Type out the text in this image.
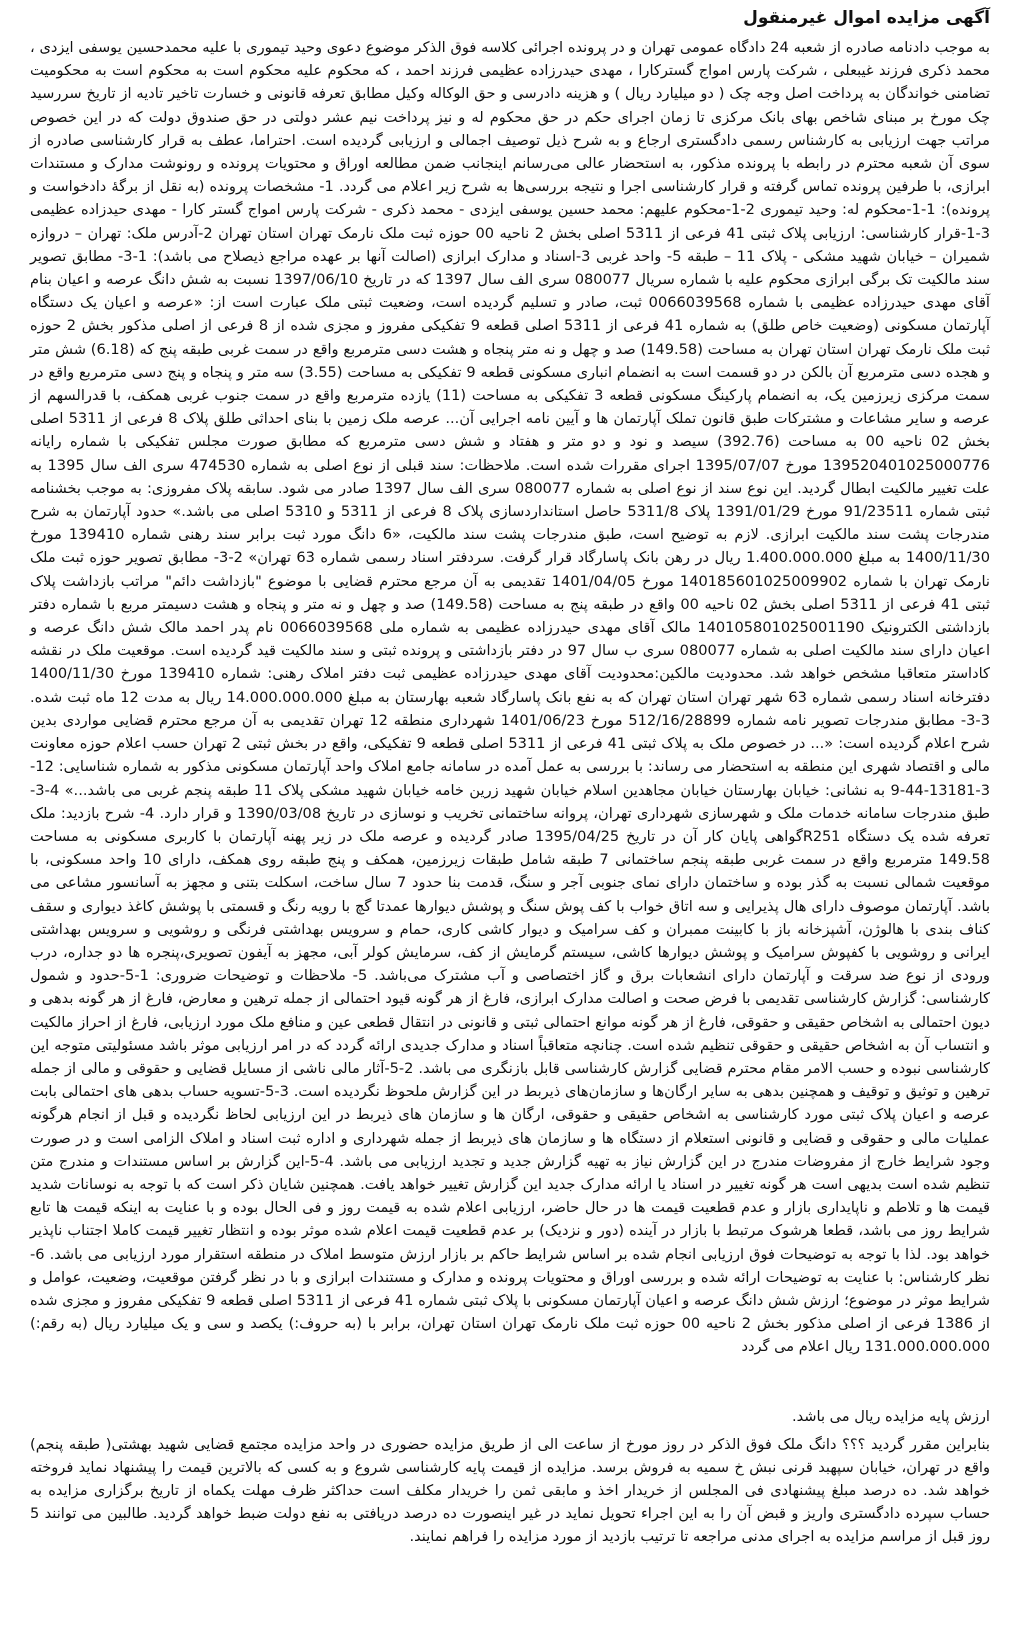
آگهی مزایده اموال غیرمنقول

به موجب دادنامه صادره از شعبه 24 دادگاه عمومی تهران و در پرونده اجرائی کلاسه فوق الذکر موضوع دعوی وحید تیموری با علیه محمدحسین یوسفی ایزدی ، محمد ذکری فرزند غیبعلی ، شرکت پارس امواج گسترکارا ، مهدی حیدرزاده عظیمی فرزند احمد ، که محکوم علیه محکوم است به محکوم است به محکومیت تضامنی خواندگان به پرداخت اصل وجه چک ( دو میلیارد ریال ) و هزینه دادرسی و حق الوکاله وکیل مطابق تعرفه قانونی و خسارت تاخیر تادیه از تاریخ سررسید چک مورخ بر مبنای شاخص بهای بانک مرکزی تا زمان اجرای حکم در حق محکوم له و نیز پرداخت نیم عشر دولتی در حق صندوق دولت که در این خصوص مراتب جهت ارزیابی به کارشناس رسمی دادگستری ارجاع و به شرح ذیل توصیف اجمالی و ارزیابی گردیده است. احتراما، عطف به قرار کارشناسی صادره از سوی آن شعبه محترم در رابطه با پرونده مذکور، به استحضار عالی می‌رسانم اینجانب ضمن مطالعه اوراق و محتویات پرونده و رونوشت مدارک و مستندات ابرازی، با طرفین پرونده تماس گرفته و قرار کارشناسی اجرا و نتیجه بررسی‌ها به شرح زیر اعلام می گردد. 1- مشخصات پرونده (به نقل از برگهٔ دادخواست و پرونده): 1-1-محکوم له: وحید تیموری 2-1-محکوم علیهم: محمد حسین یوسفی ایزدی - محمد ذکری - شرکت پارس امواج گستر کارا - مهدی حیدزاده عظیمی 3-1-قرار کارشناسی: ارزیابی پلاک ثبتی 41 فرعی از 5311 اصلی بخش 2 ناحیه 00 حوزه ثبت ملک نارمک تهران استان تهران 2-آدرس ملک: تهران – دروازه شمیران – خیابان شهید مشکی - پلاک 11 – طبقه 5- واحد غربی 3-اسناد و مدارک ابرازی (اصالت آنها بر عهده مراجع ذیصلاح می باشد): 1-3- مطابق تصویر سند مالکیت تک برگی ابرازی محکوم علیه با شماره سریال 080077 سری الف سال 1397 که در تاریخ 1397/06/10 نسبت به شش دانگ عرصه و اعیان بنام آقای مهدی حیدرزاده عظیمی با شماره 0066039568 ثبت، صادر و تسلیم گردیده است، وضعیت ثبتی ملک عبارت است از: «عرصه و اعیان یک دستگاه آپارتمان مسکونی (وضعیت خاص طلق) به شماره 41 فرعی از 5311 اصلی قطعه 9 تفکیکی مفروز و مجزی شده از 8 فرعی از اصلی مذکور بخش 2 حوزه ثبت ملک نارمک تهران استان تهران به مساحت (149.58) صد و چهل و نه متر پنجاه و هشت دسی مترمربع واقع در سمت غربی طبقه پنج که (6.18) شش متر و هجده دسی مترمربع آن بالکن در دو قسمت است به انضمام انباری مسکونی قطعه 9 تفکیکی به مساحت (3.55) سه متر و پنجاه و پنج دسی مترمربع واقع در سمت مرکزی زیرزمین یک، به انضمام پارکینگ مسکونی قطعه 3 تفکیکی به مساحت (11) یازده مترمربع واقع در سمت جنوب غربی همکف، با قدرالسهم از عرصه و سایر مشاعات و مشترکات طبق قانون تملک آپارتمان ها و آیین نامه اجرایی آن... عرصه ملک زمین با بنای احداثی طلق پلاک 8 فرعی از 5311 اصلی بخش 02 ناحیه 00 به مساحت (392.76) سیصد و نود و دو متر و هفتاد و شش دسی مترمربع که مطابق صورت مجلس تفکیکی با شماره رایانه 13952040102500077​6 مورخ 1395/07/07 اجرای مقررات شده است. ملاحظات: سند قبلی از نوع اصلی به شماره 474530 سری الف سال 1395 به علت تغییر مالکیت ابطال گردید. این نوع سند از نوع اصلی به شماره 080077 سری الف سال 1397 صادر می شود. سابقه پلاک مفروزی: به موجب بخشنامه ثبتی شماره 91/23511 مورخ 1391/01/29 پلاک 5311/8 حاصل استانداردسازی پلاک 8 فرعی از 5311 و 5310 اصلی می باشد.» حدود آپارتمان به شرح مندرجات پشت سند مالکیت ابرازی. لازم به توضیح است، طبق مندرجات پشت سند مالکیت، «6 دانگ مورد ثبت برابر سند رهنی شماره 139410 مورخ 1400/11/30 به مبلغ 1.400.000.000 ریال در رهن بانک پاسارگاد قرار گرفت. سردفتر اسناد رسمی شماره 63 تهران» 2-3- مطابق تصویر حوزه ثبت ملک نارمک تهران با شماره 140185601025009902 مورخ 1401/04/05 تقدیمی به آن مرجع محترم قضایی با موضوع "بازداشت دائم" مراتب بازداشت پلاک ثبتی 41 فرعی از 5311 اصلی بخش 02 ناحیه 00 واقع در طبقه پنج به مساحت (149.58) صد و چهل و نه متر و پنجاه و هشت دسیمتر مربع با شماره دفتر بازداشتی الکترونیک 140105801025001190 مالک آقای مهدی حیدرزاده عظیمی به شماره ملی 0066039568 نام پدر احمد مالک شش دانگ عرصه و اعیان دارای سند مالکیت اصلی به شماره 080077 سری ب سال 97 در دفتر بازداشتی و پرونده ثبتی و سند مالکیت قید گردیده است. موقعیت ملک در نقشه کاداستر متعاقبا مشخص خواهد شد. محدودیت مالکین:محدودیت آقای مهدی حیدرزاده عظیمی ثبت دفتر املاک رهنی: شماره 139410 مورخ 1400/11/30 دفترخانه اسناد رسمی شماره 63 شهر تهران استان تهران که به نفع بانک پاسارگاد شعبه بهارستان به مبلغ 14.000.000.000 ریال به مدت 12 ماه ثبت شده. 3-3- مطابق مندرجات تصویر نامه شماره 512/16/28899 مورخ 1401/06/23 شهرداری منطقه 12 تهران تقدیمی به آن مرجع محترم قضایی مواردی بدین شرح اعلام گردیده است: «... در خصوص ملک به پلاک ثبتی 41 فرعی از 5311 اصلی قطعه 9 تفکیکی، واقع در بخش ثبتی 2 تهران حسب اعلام حوزه معاونت مالی و اقتصاد شهری این منطقه به استحضار می رساند: با بررسی به عمل آمده در سامانه جامع املاک واحد آپارتمان مسکونی مذکور به شماره شناسایی: 12-3-13181-44-9 به نشانی: خیابان بهارستان خیابان مجاهدین اسلام خیابان شهید زرین خامه خیابان شهید مشکی پلاک 11 طبقه پنجم غربی می باشد...» 4-3- طبق مندرجات سامانه خدمات ملک و شهرسازی شهرداری تهران، پروانه ساختمانی تخریب و نوسازی در تاریخ 1390/03/08 و قرار دارد. 4- شرح بازدید: ملک تعرفه شده یک دستگاه R251گواهی پایان کار آن در تاریخ 1395/04/25 صادر گردیده و عرصه ملک در زیر پهنه آپارتمان با کاربری مسکونی به مساحت 149.58 مترمربع واقع در سمت غربی طبقه پنجم ساختمانی 7 طبقه شامل طبقات زیرزمین، همکف و پنج طبقه روی همکف، دارای 10 واحد مسکونی، با موقعیت شمالی نسبت به گذر بوده و ساختمان دارای نمای جنوبی آجر و سنگ، قدمت بنا حدود 7 سال ساخت، اسکلت بتنی و مجهز به آسانسور مشاعی می باشد. آپارتمان موصوف دارای هال پذیرایی و سه اتاق خواب با کف پوش سنگ و پوشش دیوارها عمدتا گچ با رویه رنگ و قسمتی با پوشش کاغذ دیواری و سقف کناف بندی با هالوژن، آشپزخانه باز با کابینت ممبران و کف سرامیک و دیوار کاشی کاری، حمام و سرویس بهداشتی فرنگی و روشویی و سرویس بهداشتی ایرانی و روشویی با کفپوش سرامیک و پوشش دیوارها کاشی، سیستم گرمایش از کف، سرمایش کولر آبی، مجهز به آیفون تصویری،پنجره ها دو جداره، درب ورودی از نوع ضد سرقت و آپارتمان دارای انشعابات برق و گاز اختصاصی و آب مشترک می‌باشد. 5- ملاحظات و توضیحات ضروری: 1-5-حدود و شمول کارشناسی: گزارش کارشناسی تقدیمی با فرض صحت و اصالت مدارک ابرازی، فارغ از هر گونه قیود احتمالی از جمله ترهین و معارض، فارغ از هر گونه بدهی و دیون احتمالی به اشخاص حقیقی و حقوقی، فارغ از هر گونه موانع احتمالی ثبتی و قانونی در انتقال قطعی عین و منافع ملک مورد ارزیابی، فارغ از احراز مالکیت و انتساب آن به اشخاص حقیقی و حقوقی تنظیم شده است. چنانچه متعاقباً اسناد و مدارک جدیدی ارائه گردد که در امر ارزیابی موثر باشد مسئولیتی متوجه این کارشناسی نبوده و حسب الامر مقام محترم قضایی گزارش کارشناسی قابل بازنگری می باشد. 2-5-آثار مالی ناشی از مسایل قضایی و حقوقی و مالی از جمله ترهین و توثیق و توقیف و همچنین بدهی به سایر ارگان‌ها و سازمان‌های ذیربط در این گزارش ملحوظ نگردیده است. 3-5-تسویه حساب بدهی های احتمالی بابت عرصه و اعیان پلاک ثبتی مورد کارشناسی به اشخاص حقیقی و حقوقی، ارگان ها و سازمان های ذیربط در این ارزیابی لحاظ نگردیده و قبل از انجام هرگونه عملیات مالی و حقوقی و قضایی و قانونی استعلام از دستگاه ها و سازمان های ذیربط از جمله شهرداری و اداره ثبت اسناد و املاک الزامی است و در صورت وجود شرایط خارج از مفروضات مندرج در این گزارش نیاز به تهیه گزارش جدید و تجدید ارزیابی می باشد. 4-5-این گزارش بر اساس مستندات و مندرج متن تنظیم شده است بدیهی است هر گونه تغییر در اسناد یا ارائه مدارک جدید این گزارش تغییر خواهد یافت. همچنین شایان ذکر است که با توجه به نوسانات شدید قیمت ها و تلاطم و ناپایداری بازار و عدم قطعیت قیمت ها در حال حاضر، ارزیابی اعلام شده به قیمت روز و فی الحال بوده و با عنایت به اینکه قیمت ها تابع شرایط روز می باشد، قطعا هرشوک مرتبط با بازار در آینده (دور و نزدیک) بر عدم قطعیت قیمت اعلام شده موثر بوده و انتظار تغییر قیمت کاملا اجتناب ناپذیر خواهد بود. لذا با توجه به توضیحات فوق ارزیابی انجام شده بر اساس شرایط حاکم بر بازار ارزش متوسط املاک در منطقه استقرار مورد ارزیابی می باشد. 6-نظر کارشناس: با عنایت به توضیحات ارائه شده و بررسی اوراق و محتویات پرونده و مدارک و مستندات ابرازی و با در نظر گرفتن موقعیت، وضعیت، عوامل و شرایط موثر در موضوع؛ ارزش شش دانگ عرصه و اعیان آپارتمان مسکونی با پلاک ثبتی شماره 41 فرعی از 5311 اصلی قطعه 9 تفکیکی مفروز و مجزی شده از 1386 فرعی از اصلی مذکور بخش 2 ناحیه 00 حوزه ثبت ملک نارمک تهران استان تهران، برابر با (به حروف:) یکصد و سی و یک میلیارد ریال (به رقم:) 131.000.000.000 ریال اعلام می گردد

ارزش پایه مزایده ریال می باشد.

بنابراین مقرر گردید ؟؟؟ دانگ ملک فوق الذکر در روز مورخ از ساعت الی از طریق مزایده حضوری در واحد مزایده مجتمع قضایی شهید بهشتی( طبقه پنجم) واقع در تهران، خیابان سپهبد قرنی نبش خ سمیه به فروش برسد. مزایده از قیمت پایه کارشناسی شروع و به کسی که بالاترین قیمت را پیشنهاد نماید فروخته خواهد شد. ده درصد مبلغ پیشنهادی فی المجلس از خریدار اخذ و مابقی ثمن را خریدار مکلف است حداکثر ظرف مهلت یکماه از تاریخ برگزاری مزایده به حساب سپرده دادگستری واریز و قبض آن را به این اجراء تحویل نماید در غیر اینصورت ده درصد دریافتی به نفع دولت ضبط خواهد گردید. طالبین می توانند 5 روز قبل از مراسم مزایده به اجرای مدنی مراجعه تا ترتیب بازدید از مورد مزایده را فراهم نمایند.
